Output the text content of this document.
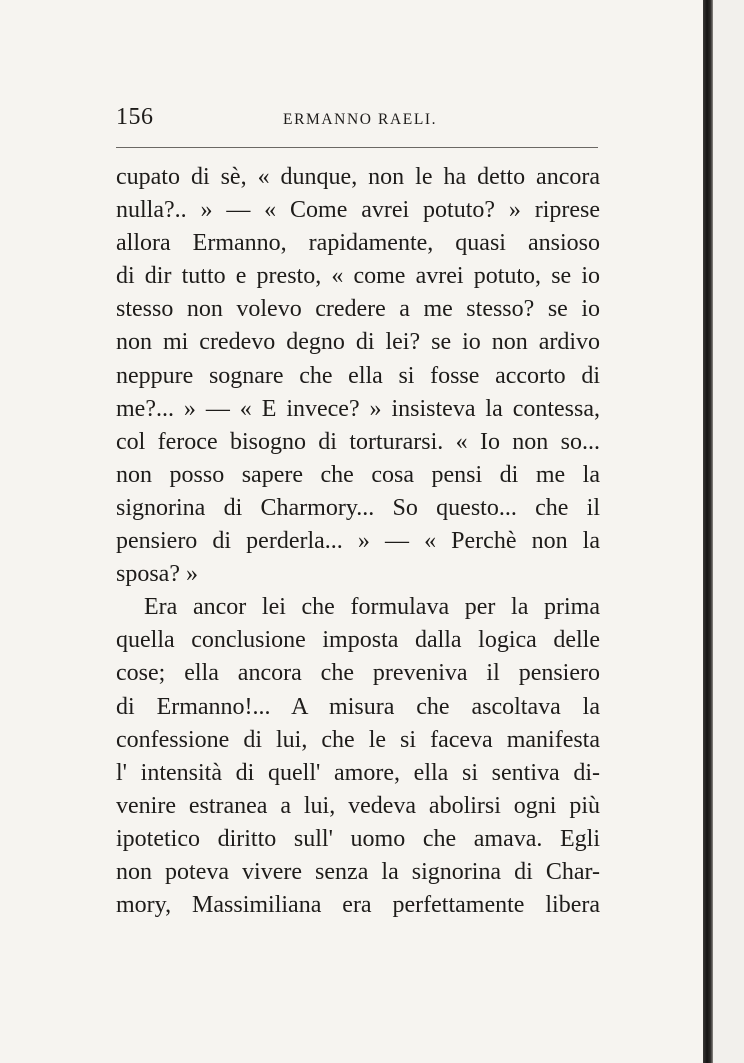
156	ERMANNO RAELI.
cupato di sè, « dunque, non le ha detto ancora
nulla?.. » — « Come avrei potuto? » riprese
allora Ermanno, rapidamente, quasi ansioso
di dir tutto e presto, « come avrei potuto, se io
stesso non volevo credere a me stesso? se io
non mi credevo degno di lei? se io non ardivo
neppure sognare che ella si fosse accorto di
me?... » — « E invece? » insisteva la contessa,
col feroce bisogno di torturarsi. « Io non so...
non posso sapere che cosa pensi di me la
signorina di Charmory... So questo... che il
pensiero di perderla... » — « Perchè non la
sposa? »
Era ancor lei che formulava per la prima
quella conclusione imposta dalla logica delle
cose; ella ancora che preveniva il pensiero
di Ermanno!... A misura che ascoltava la
confessione di lui, che le si faceva manifesta
l' intensità di quell' amore, ella si sentiva di-
venire estranea a lui, vedeva abolirsi ogni più
ipotetico diritto sull' uomo che amava. Egli
non poteva vivere senza la signorina di Char-
mory, Massimiliana era perfettamente libera
